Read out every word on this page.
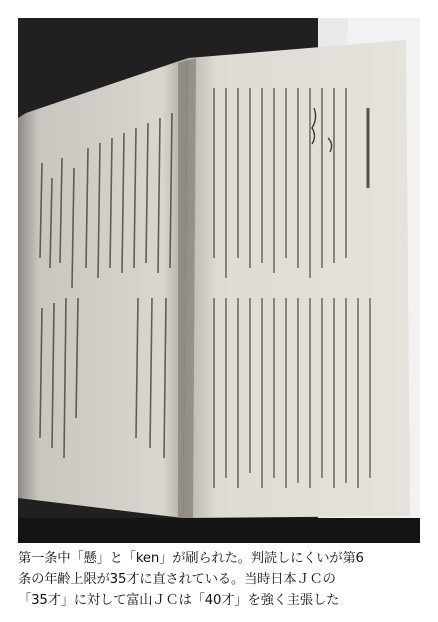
第一条中「懸」と「ken」が刷られた。判読しにくいが第6
条の年齢上限が35才に直されている。当時日本ＪＣの
「35才」に対して富山ＪＣは「40才」を強く主張した
